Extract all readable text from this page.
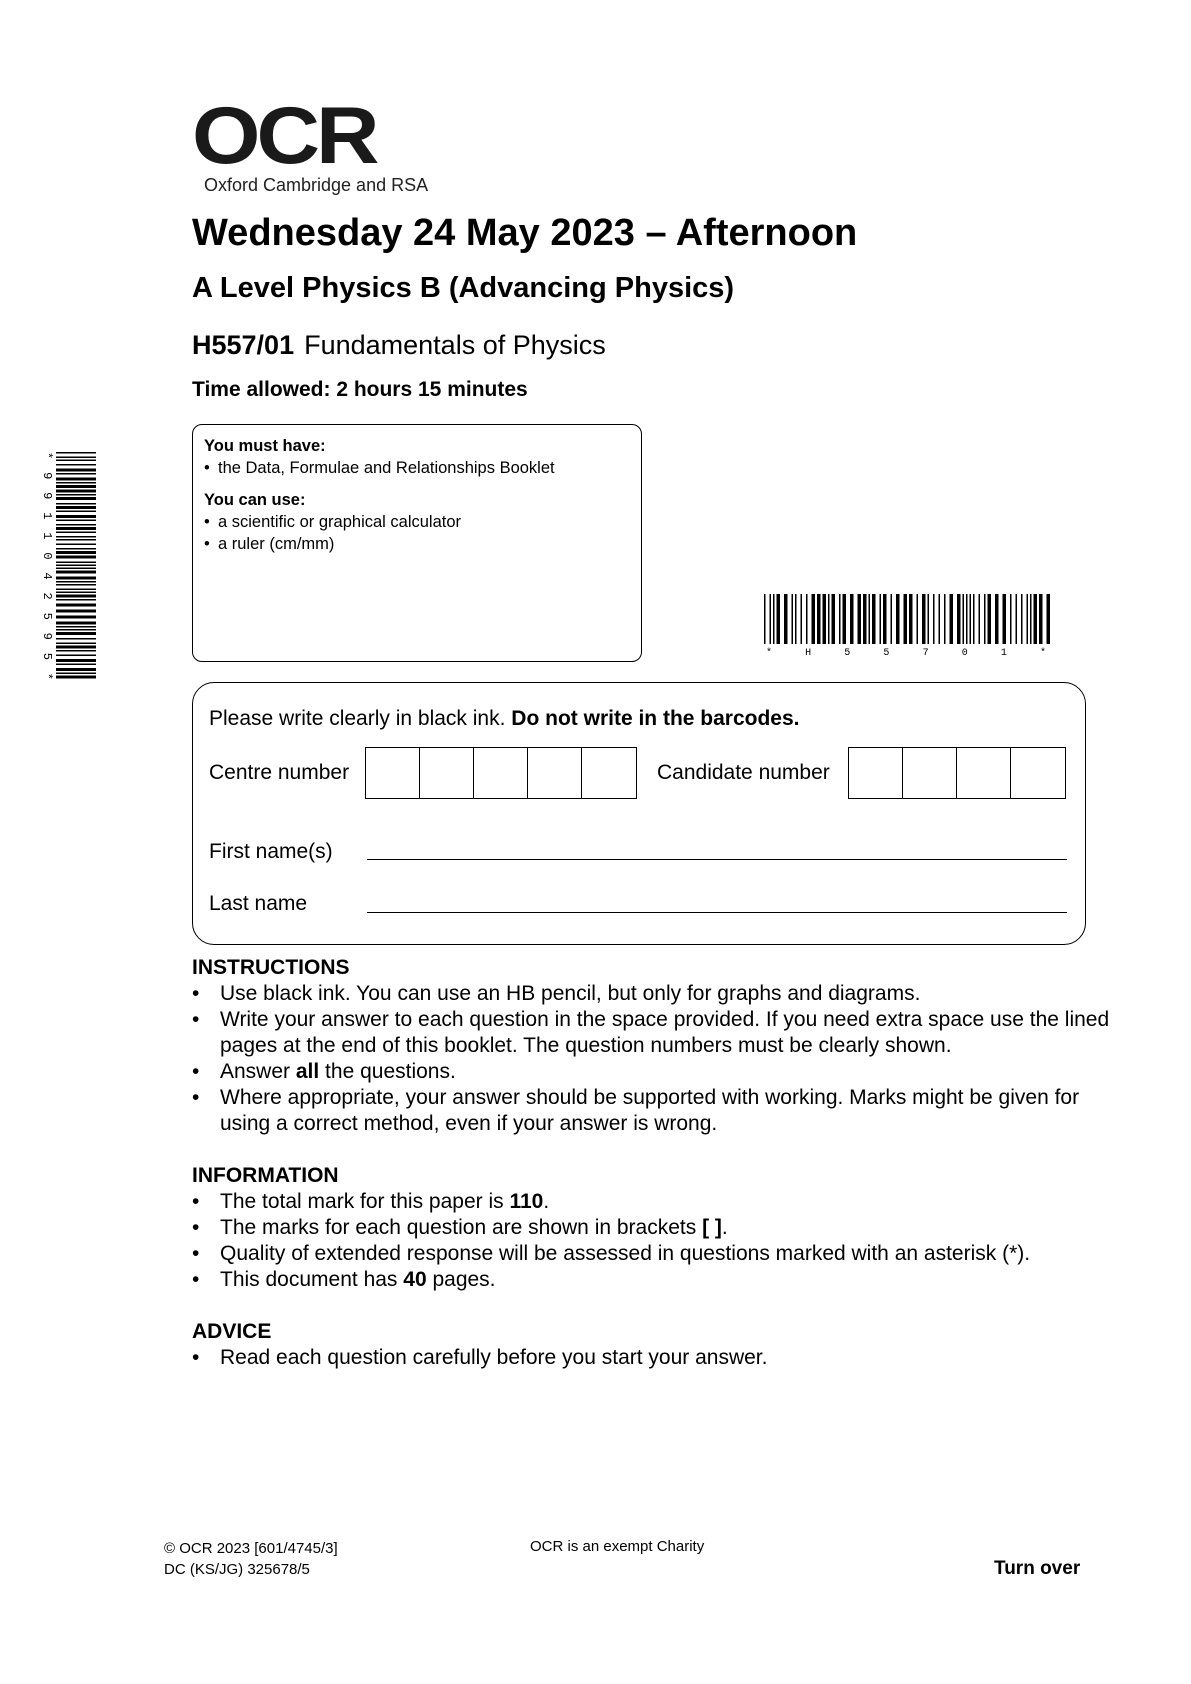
OCR
Oxford Cambridge and RSA
Wednesday 24 May 2023 – Afternoon
A Level Physics B (Advancing Physics)
H557/01 Fundamentals of Physics
Time allowed: 2 hours 15 minutes
You must have:
• the Data, Formulae and Relationships Booklet
You can use:
• a scientific or graphical calculator
• a ruler (cm/mm)
*9911042595*
* H 5 5 7 0 1 *
Please write clearly in black ink. Do not write in the barcodes.
Centre number	Candidate number
First name(s)
Last name
INSTRUCTIONS
• Use black ink. You can use an HB pencil, but only for graphs and diagrams.
• Write your answer to each question in the space provided. If you need extra space use the lined pages at the end of this booklet. The question numbers must be clearly shown.
• Answer all the questions.
• Where appropriate, your answer should be supported with working. Marks might be given for using a correct method, even if your answer is wrong.
INFORMATION
• The total mark for this paper is 110.
• The marks for each question are shown in brackets [ ].
• Quality of extended response will be assessed in questions marked with an asterisk (*).
• This document has 40 pages.
ADVICE
• Read each question carefully before you start your answer.
© OCR 2023 [601/4745/3]
DC (KS/JG) 325678/5
OCR is an exempt Charity
Turn over
